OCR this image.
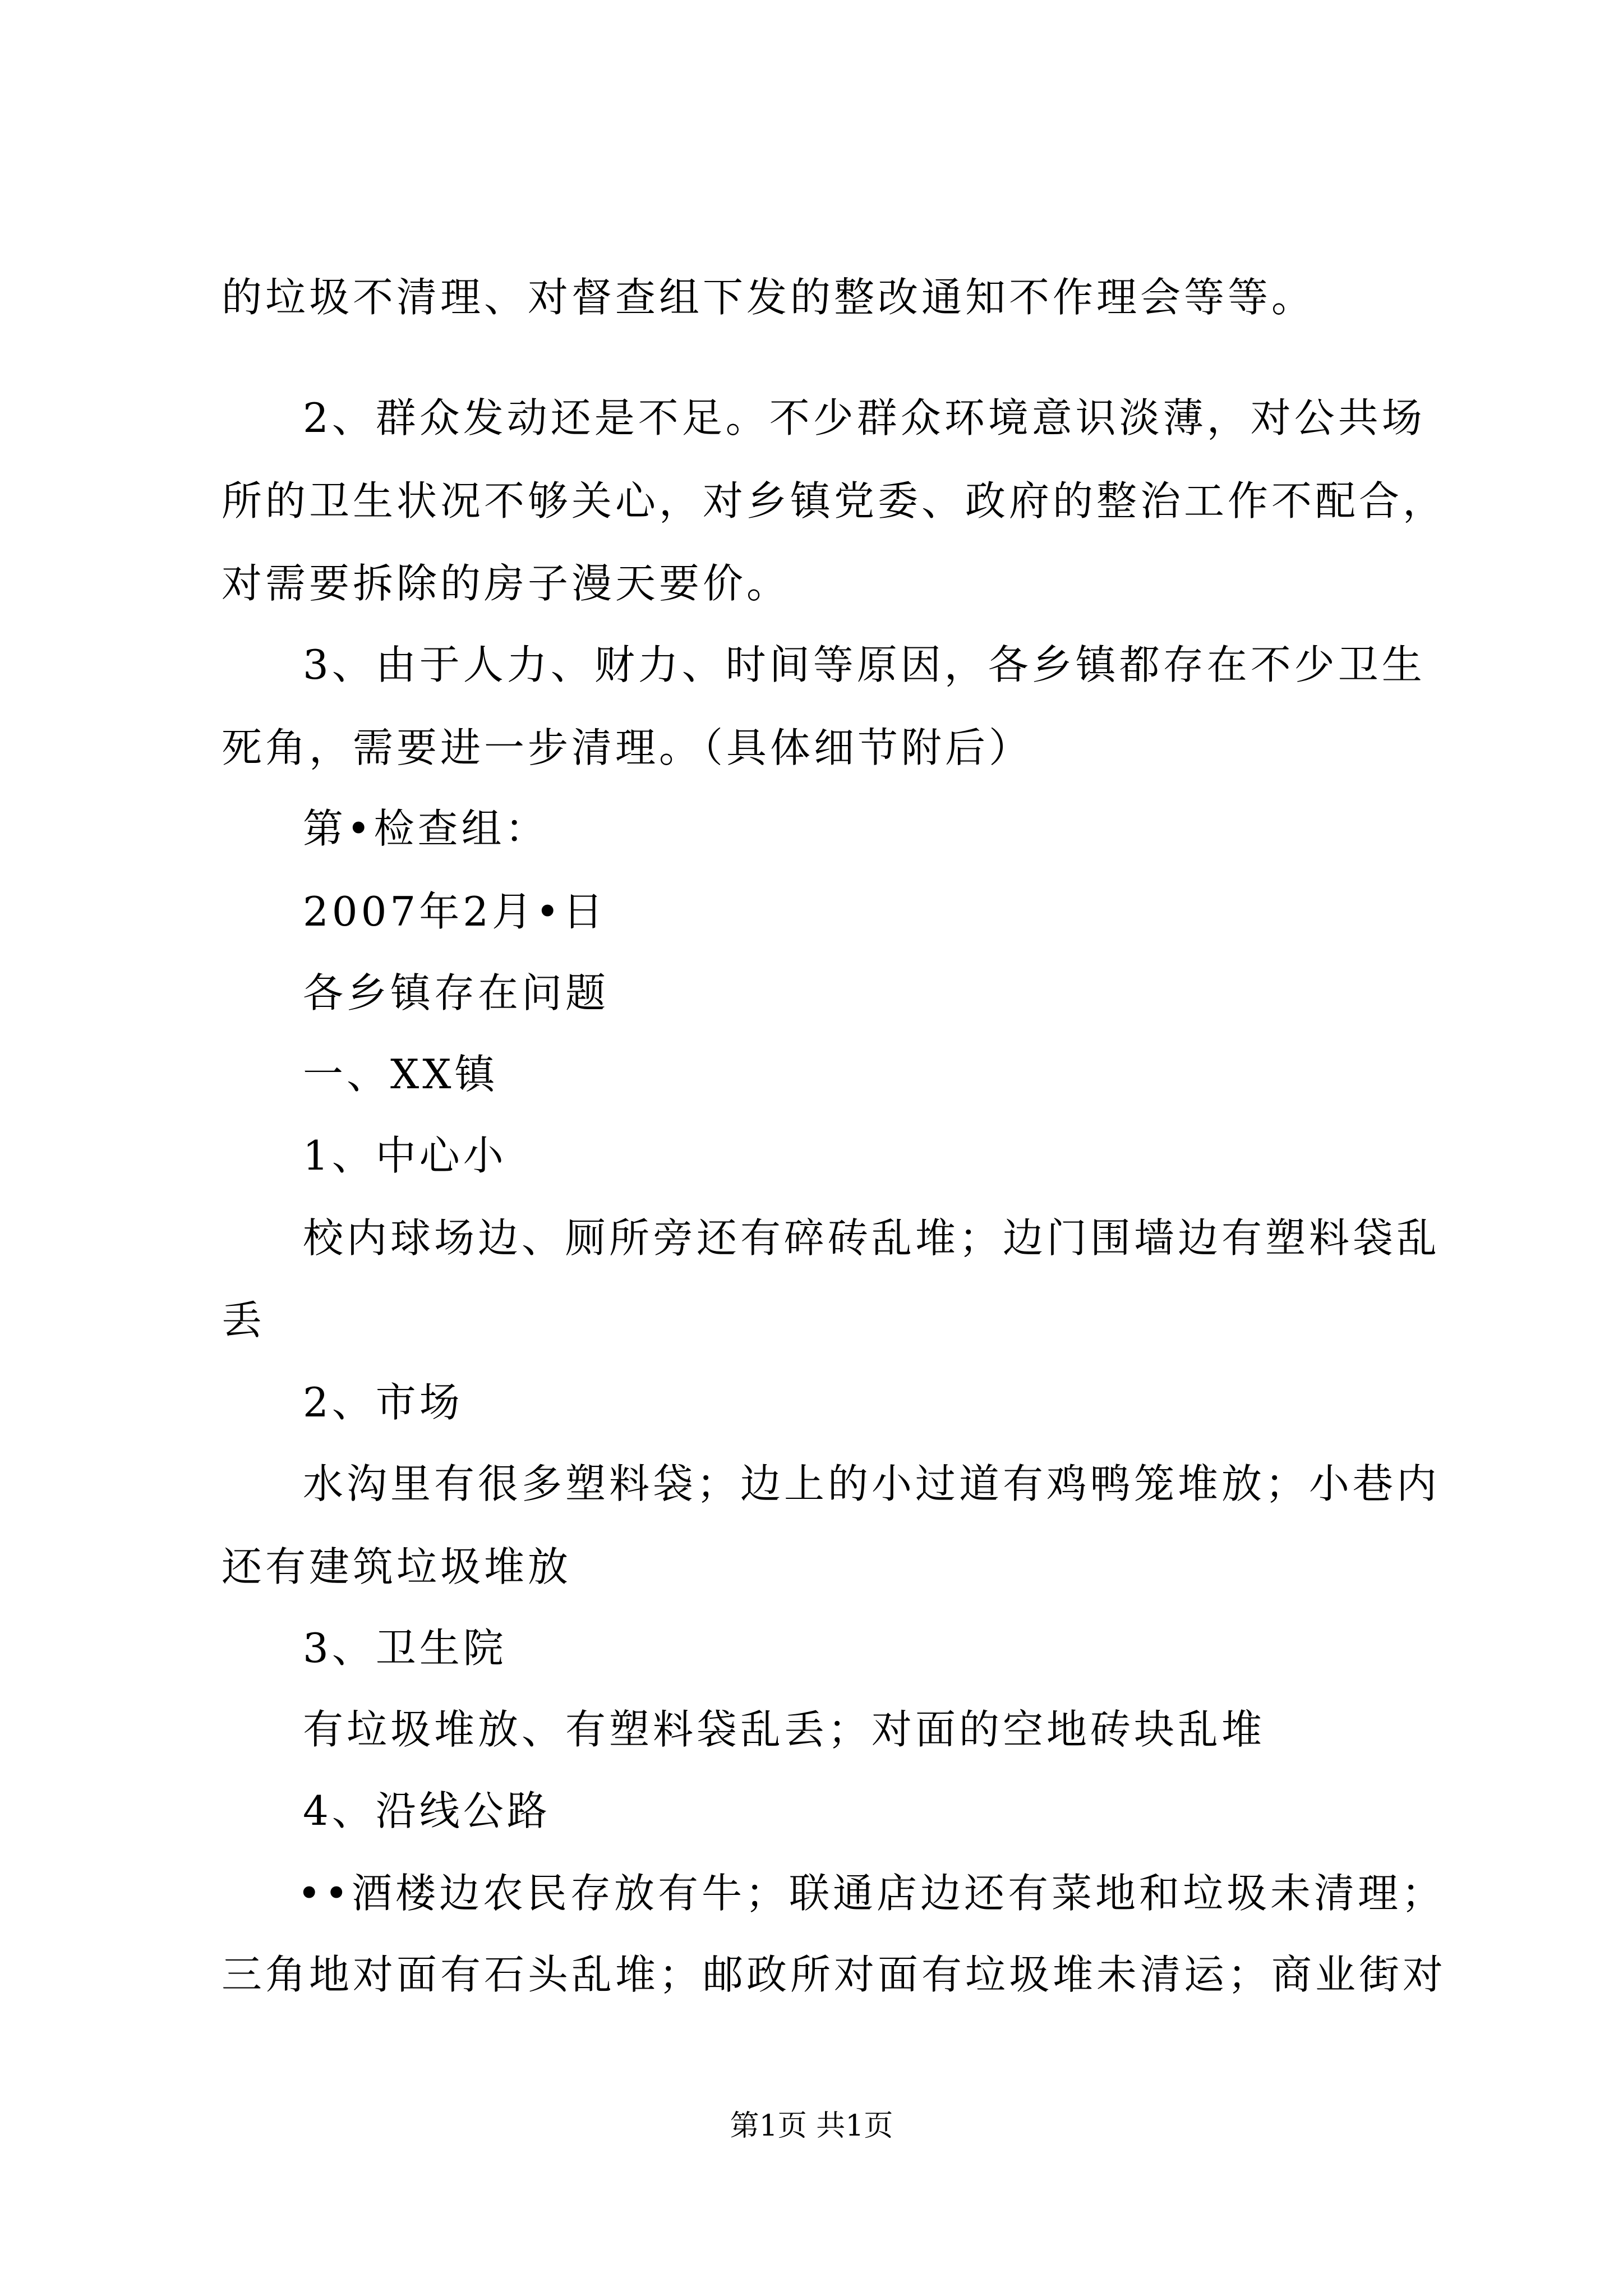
的垃圾不清理、对督查组下发的整改通知不作理会等等。
2、群众发动还是不足。不少群众环境意识淡薄，对公共场
所的卫生状况不够关心，对乡镇党委、政府的整治工作不配合，
对需要拆除的房子漫天要价。
3、由于人力、财力、时间等原因，各乡镇都存在不少卫生
死角，需要进一步清理。（具体细节附后）
第•检查组：
2007年2月•日
各乡镇存在问题
一、XX镇
1、中心小
校内球场边、厕所旁还有碎砖乱堆；边门围墙边有塑料袋乱
丢
2、市场
水沟里有很多塑料袋；边上的小过道有鸡鸭笼堆放；小巷内
还有建筑垃圾堆放
3、卫生院
有垃圾堆放、有塑料袋乱丢；对面的空地砖块乱堆
4、沿线公路
••酒楼边农民存放有牛；联通店边还有菜地和垃圾未清理；
三角地对面有石头乱堆；邮政所对面有垃圾堆未清运；商业街对
第1页 共1页
